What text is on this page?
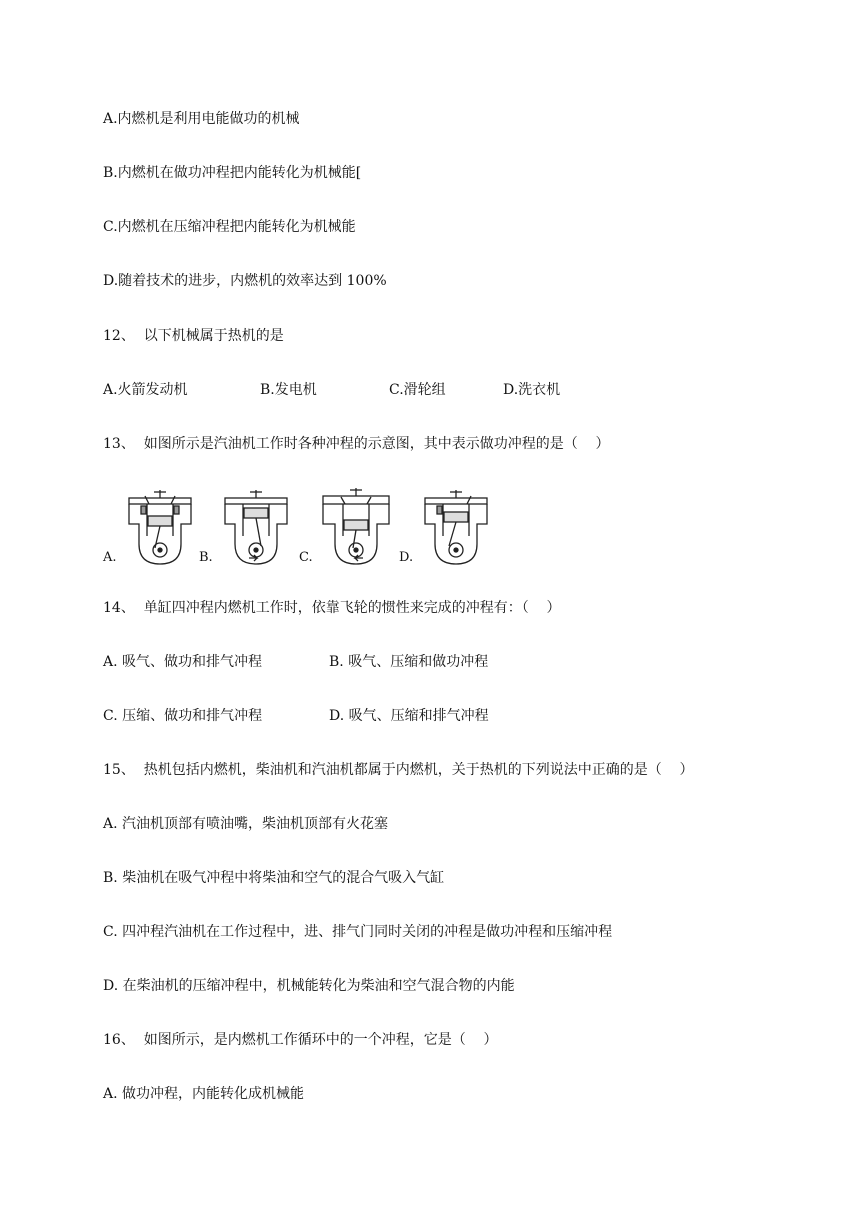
A.内燃机是利用电能做功的机械
B.内燃机在做功冲程把内能转化为机械能[
C.内燃机在压缩冲程把内能转化为机械能
D.随着技术的进步，内燃机的效率达到 100%
12、  以下机械属于热机的是
A.火箭发动机	B.发电机	C.滑轮组	D.洗衣机
13、  如图所示是汽油机工作时各种冲程的示意图，其中表示做功冲程的是（    ）
A.	B.	C.	D.
14、  单缸四冲程内燃机工作时，依靠飞轮的惯性来完成的冲程有：（    ）
A. 吸气、做功和排气冲程	B. 吸气、压缩和做功冲程
C. 压缩、做功和排气冲程	D. 吸气、压缩和排气冲程
15、  热机包括内燃机，柴油机和汽油机都属于内燃机，关于热机的下列说法中正确的是（    ）
A. 汽油机顶部有喷油嘴，柴油机顶部有火花塞
B. 柴油机在吸气冲程中将柴油和空气的混合气吸入气缸
C. 四冲程汽油机在工作过程中，进、排气门同时关闭的冲程是做功冲程和压缩冲程
D. 在柴油机的压缩冲程中，机械能转化为柴油和空气混合物的内能
16、  如图所示，是内燃机工作循环中的一个冲程，它是（    ）
A. 做功冲程，内能转化成机械能
